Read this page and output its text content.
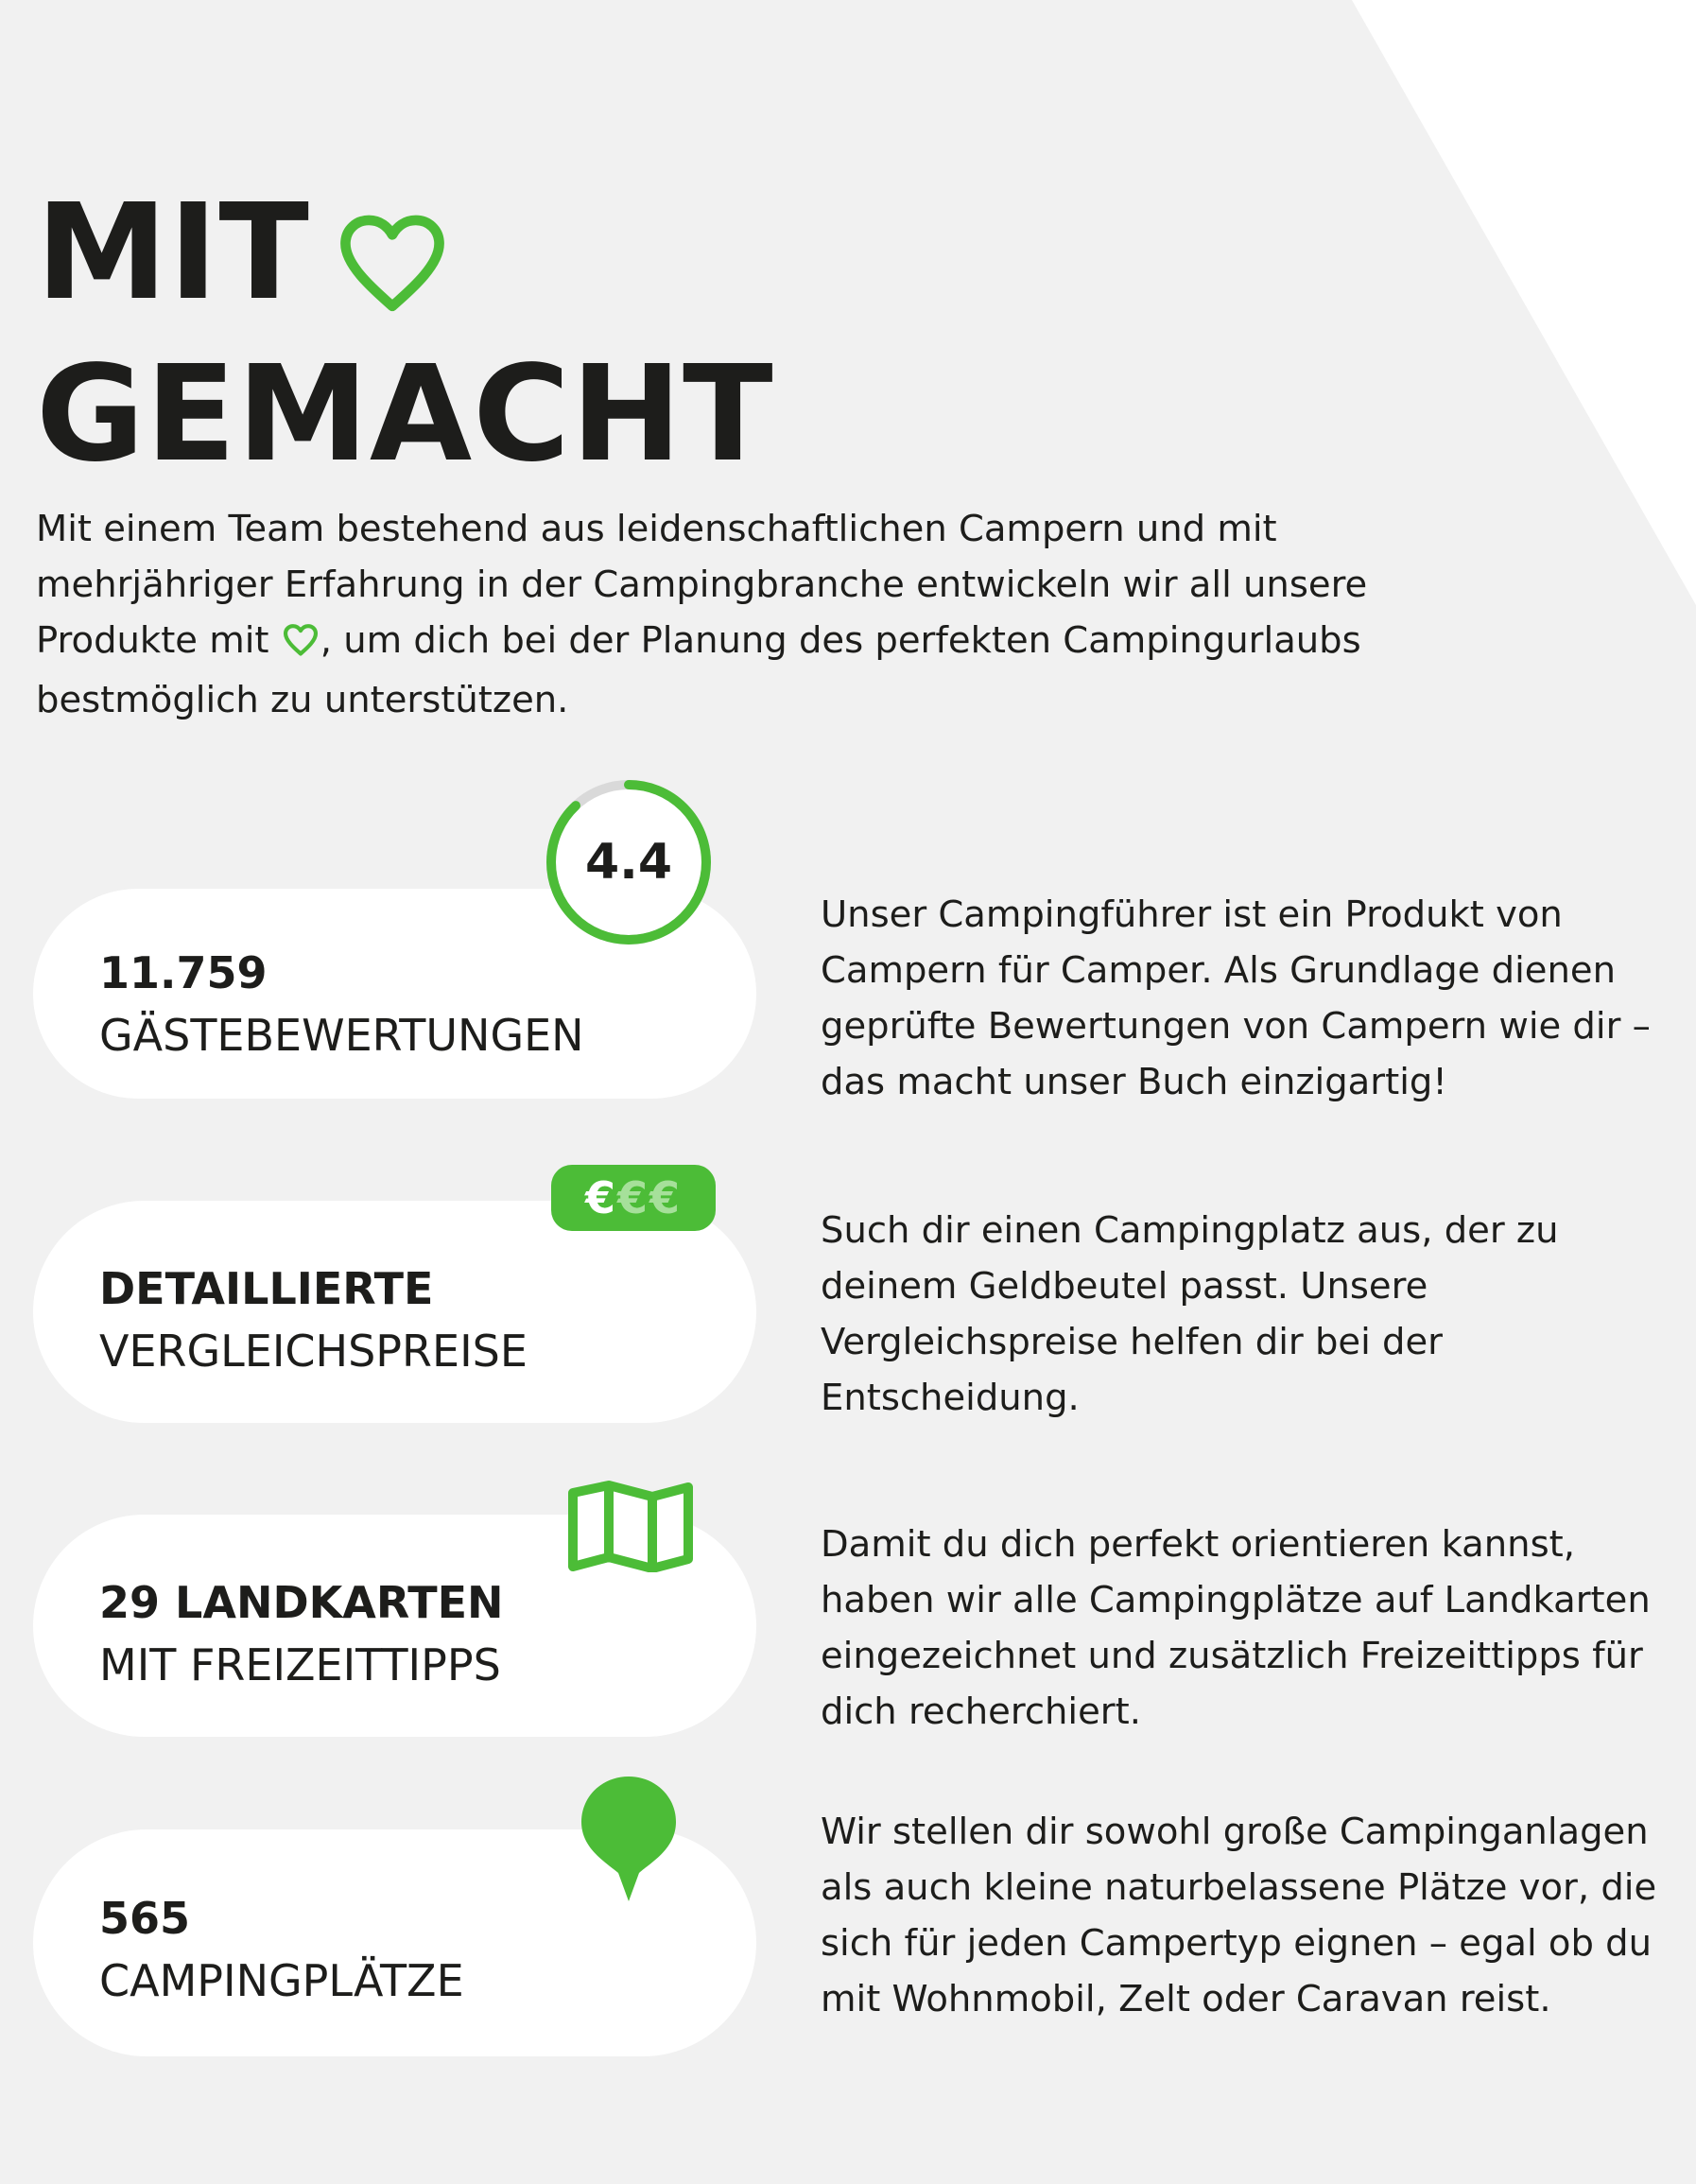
MIT
GEMACHT

Mit einem Team bestehend aus leidenschaftlichen Campern und mit mehrjähriger Erfahrung in der Campingbranche entwickeln wir all unsere Produkte mit , um dich bei der Planung des perfekten Campingurlaubs bestmöglich zu unterstützen.

4.4
11.759
GÄSTEBEWERTUNGEN

Unser Campingführer ist ein Produkt von Campern für Camper. Als Grundlage dienen geprüfte Bewertungen von Campern wie dir – das macht unser Buch einzigartig!

€ €€
DETAILLIERTE
VERGLEICHSPREISE

Such dir einen Campingplatz aus, der zu deinem Geldbeutel passt. Unsere Vergleichspreise helfen dir bei der Entscheidung.

29 LANDKARTEN
MIT FREIZEITTIPPS

Damit du dich perfekt orientieren kannst, haben wir alle Campingplätze auf Landkarten eingezeichnet und zusätzlich Freizeittipps für dich recherchiert.

565
CAMPINGPLÄTZE

Wir stellen dir sowohl große Campinganlagen als auch kleine naturbelassene Plätze vor, die sich für jeden Campertyp eignen – egal ob du mit Wohnmobil, Zelt oder Caravan reist.
